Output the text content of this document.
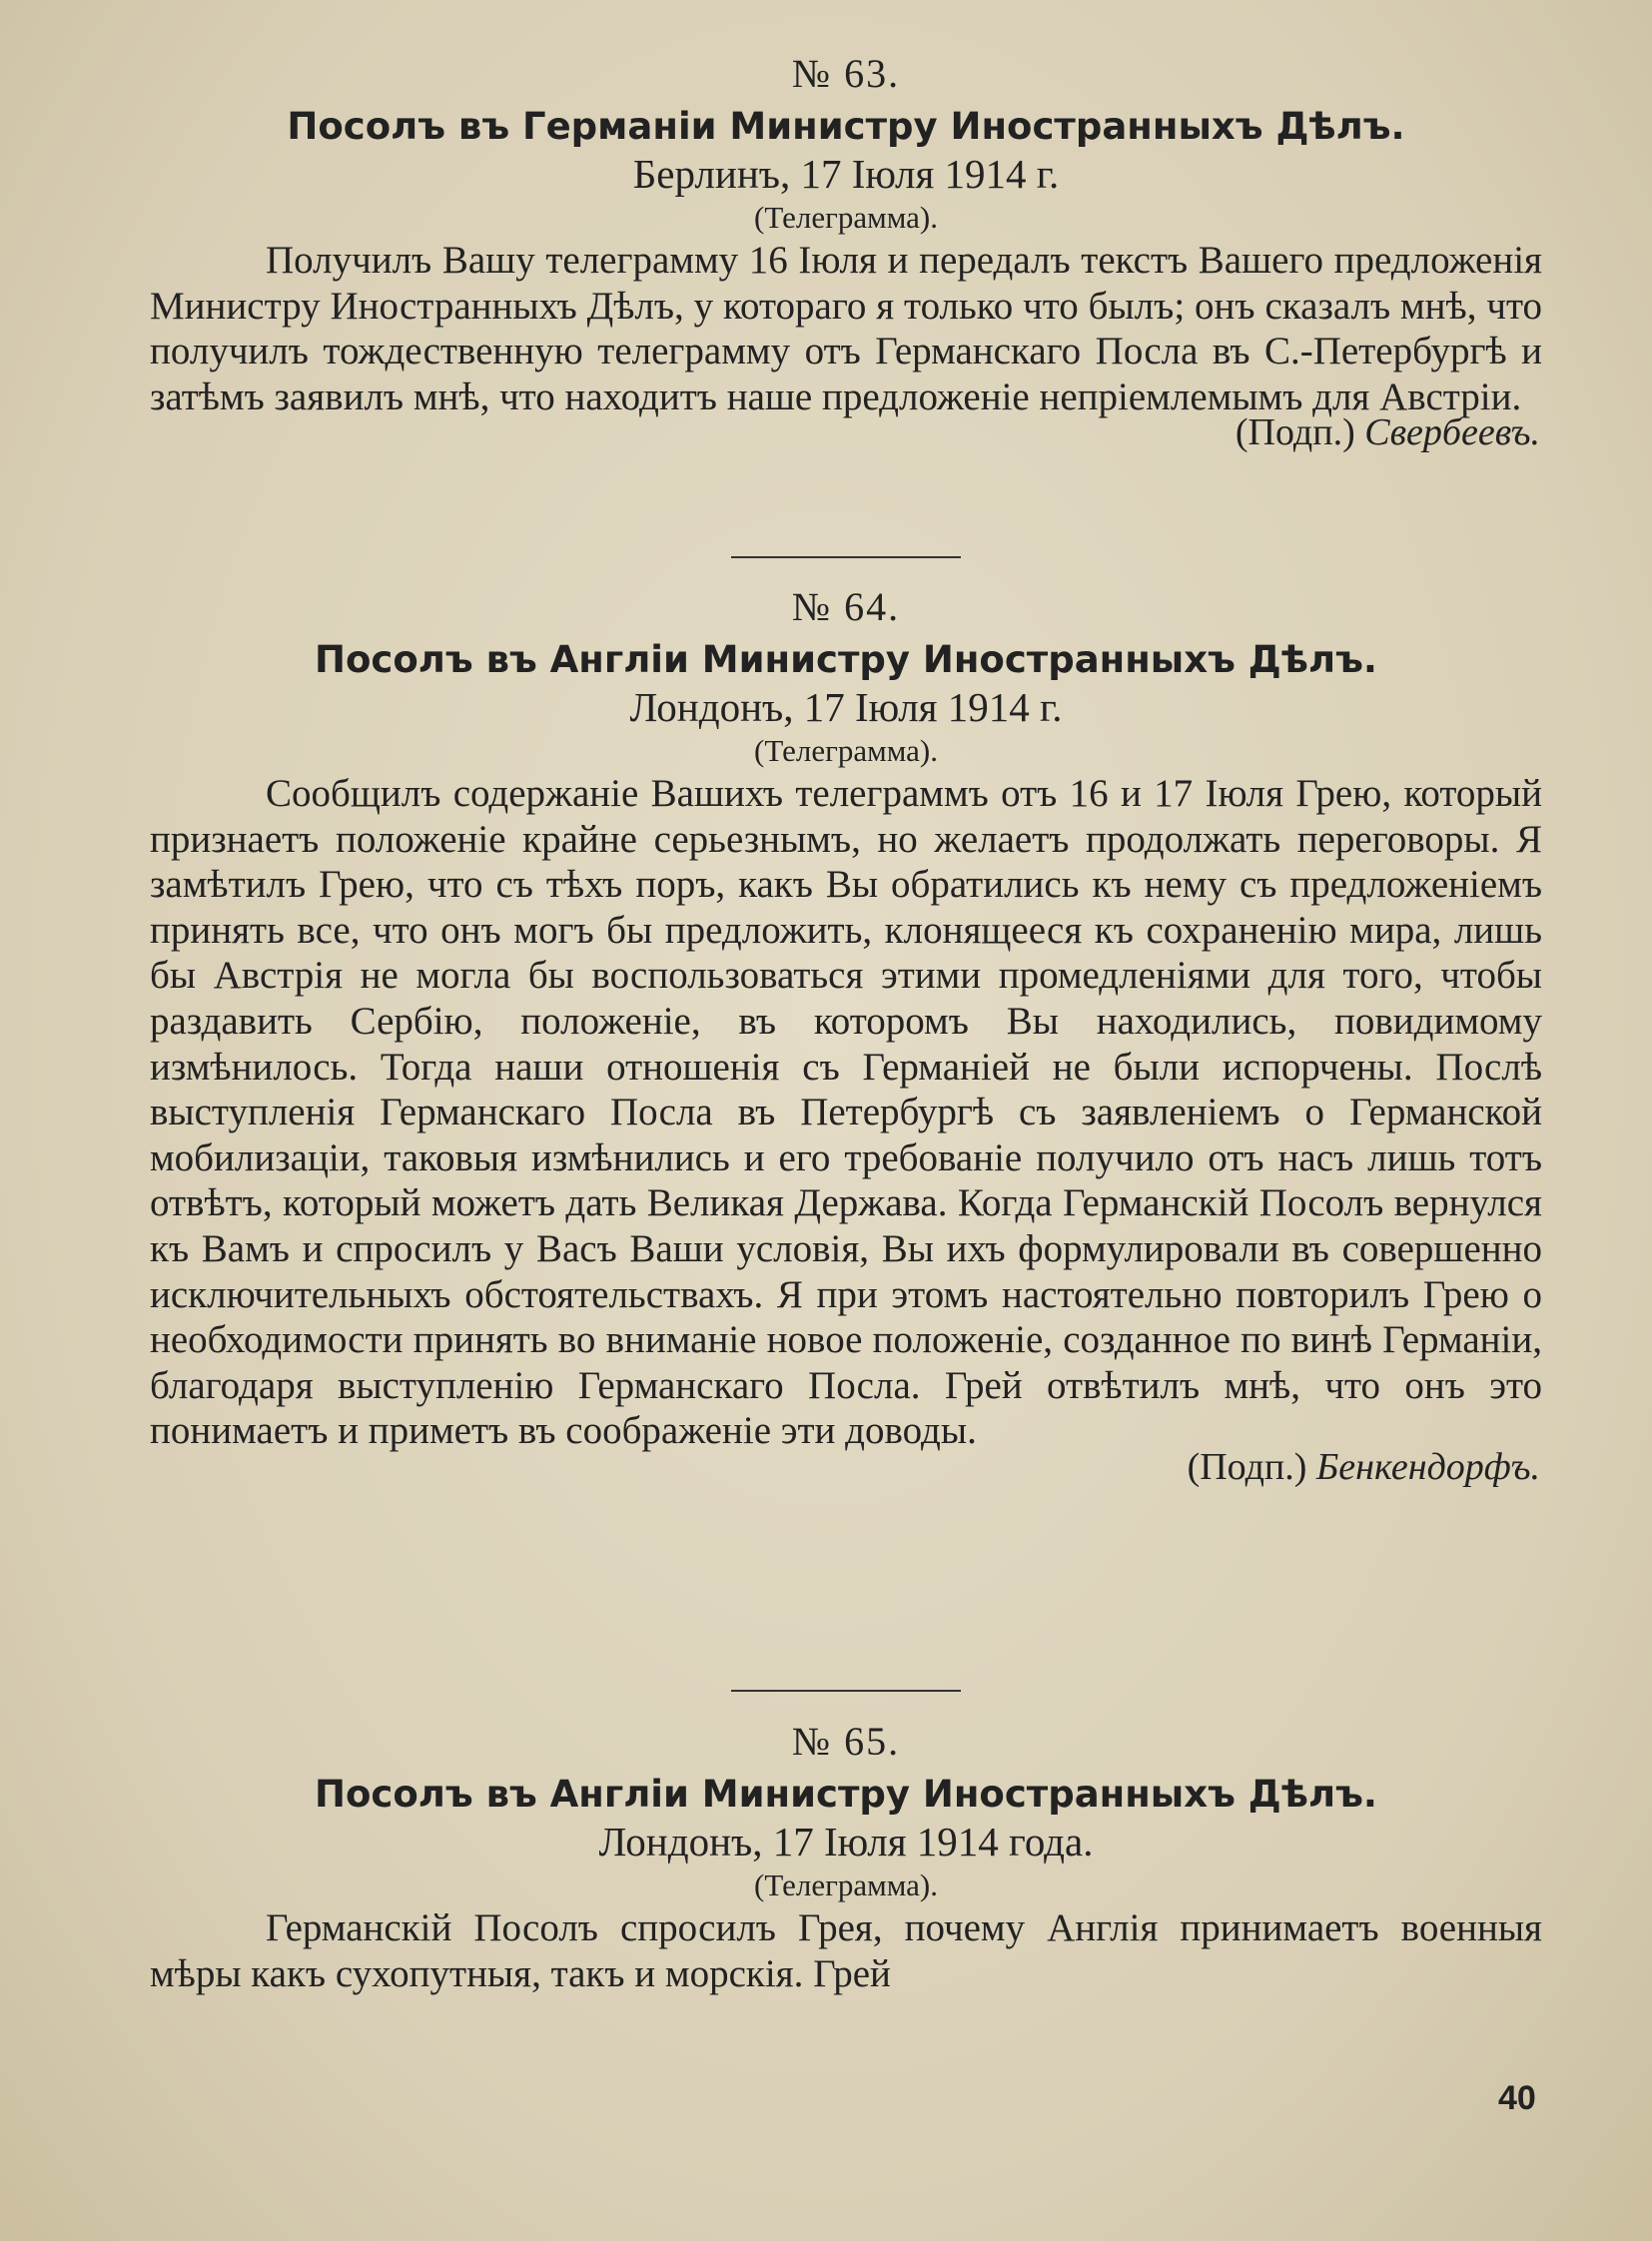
№ 63.
Посолъ въ Германіи Министру Иностранныхъ Дѣлъ.
Берлинъ, 17 Іюля 1914 г.
(Телеграмма).

Получилъ Вашу телеграмму 16 Іюля и передалъ текстъ Вашего предложенія Министру Иностранныхъ Дѣлъ, у котораго я только что былъ; онъ сказалъ мнѣ, что получилъ тождественную телеграмму отъ Германскаго Посла въ С.-Петербургѣ и затѣмъ заявилъ мнѣ, что находитъ наше предложеніе непріемлемымъ для Австріи.

(Подп.) Свербеевъ.
№ 64.
Посолъ въ Англіи Министру Иностранныхъ Дѣлъ.
Лондонъ, 17 Іюля 1914 г.
(Телеграмма).

Сообщилъ содержаніе Вашихъ телеграммъ отъ 16 и 17 Іюля Грею, который признаетъ положеніе крайне серьезнымъ, но желаетъ продолжать переговоры. Я замѣтилъ Грею, что съ тѣхъ поръ, какъ Вы обратились къ нему съ предложеніемъ принять все, что онъ могъ бы предложить, клонящееся къ сохраненію мира, лишь бы Австрія не могла бы воспользоваться этими промедленіями для того, чтобы раздавить Сербію, положеніе, въ которомъ Вы находились, повидимому измѣнилось. Тогда наши отношенія съ Германіей не были испорчены. Послѣ выступленія Германскаго Посла въ Петербургѣ съ заявленіемъ о Германской мобилизаціи, таковыя измѣнились и его требованіе получило отъ насъ лишь тотъ отвѣтъ, который можетъ дать Великая Держава. Когда Германскій Посолъ вернулся къ Вамъ и спросилъ у Васъ Ваши условія, Вы ихъ формулировали въ совершенно исключительныхъ обстоятельствахъ. Я при этомъ настоятельно повторилъ Грею о необходимости принять во вниманіе новое положеніе, созданное по винѣ Германіи, благодаря выступленію Германскаго Посла. Грей отвѣтилъ мнѣ, что онъ это понимаетъ и приметъ въ соображеніе эти доводы.

(Подп.) Бенкендорфъ.
№ 65.
Посолъ въ Англіи Министру Иностранныхъ Дѣлъ.
Лондонъ, 17 Іюля 1914 года.
(Телеграмма).

Германскій Посолъ спросилъ Грея, почему Англія принимаетъ военныя мѣры какъ сухопутныя, такъ и морскія. Грей

40
